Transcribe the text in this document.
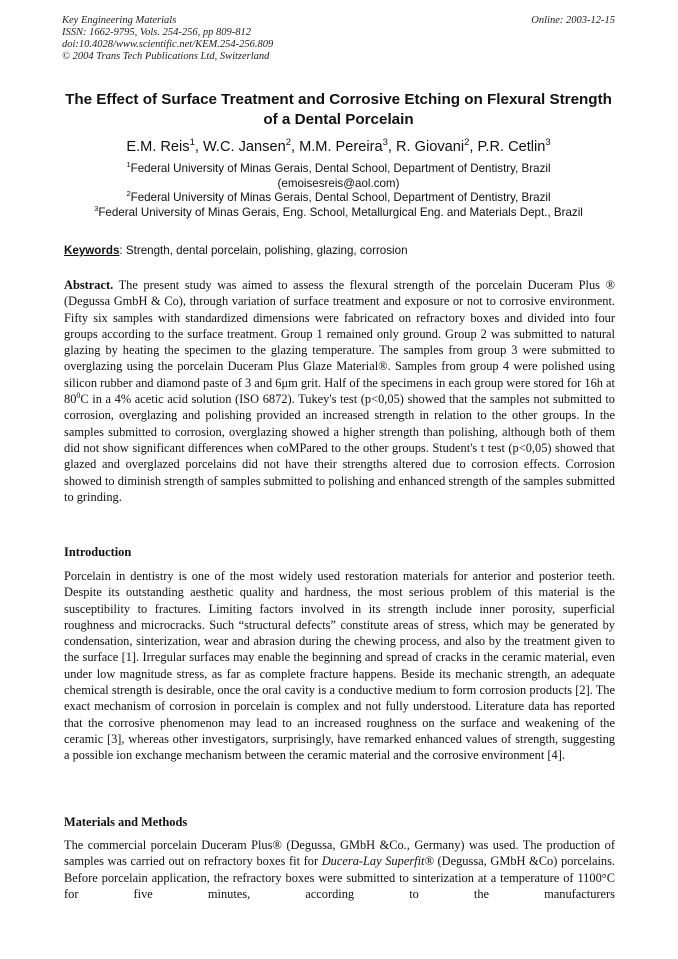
Key Engineering Materials
ISSN: 1662-9795, Vols. 254-256, pp 809-812
doi:10.4028/www.scientific.net/KEM.254-256.809
© 2004 Trans Tech Publications Ltd, Switzerland
Online: 2003-12-15
The Effect of Surface Treatment and Corrosive Etching on Flexural Strength of a Dental Porcelain
E.M. Reis$^1$, W.C. Jansen$^2$, M.M. Pereira$^3$, R. Giovani$^2$, P.R. Cetlin$^3$
$^1$Federal University of Minas Gerais, Dental School, Department of Dentistry, Brazil
(emoisesreis@aol.com)
$^2$Federal University of Minas Gerais, Dental School, Department of Dentistry, Brazil
$^3$Federal University of Minas Gerais, Eng. School, Metallurgical Eng. and Materials Dept., Brazil
Keywords: Strength, dental porcelain, polishing, glazing, corrosion
Abstract. The present study was aimed to assess the flexural strength of the porcelain Duceram Plus ® (Degussa GmbH & Co), through variation of surface treatment and exposure or not to corrosive environment. Fifty six samples with standardized dimensions were fabricated on refractory boxes and divided into four groups according to the surface treatment. Group 1 remained only ground. Group 2 was submitted to natural glazing by heating the specimen to the glazing temperature. The samples from group 3 were submitted to overglazing using the porcelain Duceram Plus Glaze Material®. Samples from group 4 were polished using silicon rubber and diamond paste of 3 and 6μm grit. Half of the specimens in each group were stored for 16h at $80^0C$ in a 4% acetic acid solution (ISO 6872). Tukey's test (p<0,05) showed that the samples not submitted to corrosion, overglazing and polishing provided an increased strength in relation to the other groups. In the samples submitted to corrosion, overglazing showed a higher strength than polishing, although both of them did not show significant differences when coMPared to the other groups. Student's t test (p<0,05) showed that glazed and overglazed porcelains did not have their strengths altered due to corrosion effects. Corrosion showed to diminish strength of samples submitted to polishing and enhanced strength of the samples submitted to grinding.
Introduction
Porcelain in dentistry is one of the most widely used restoration materials for anterior and posterior teeth. Despite its outstanding aesthetic quality and hardness, the most serious problem of this material is the susceptibility to fractures. Limiting factors involved in its strength include inner porosity, superficial roughness and microcracks. Such “structural defects” constitute areas of stress, which may be generated by condensation, sinterization, wear and abrasion during the chewing process, and also by the treatment given to the surface [1]. Irregular surfaces may enable the beginning and spread of cracks in the ceramic material, even under low magnitude stress, as far as complete fracture happens. Beside its mechanic strength, an adequate chemical strength is desirable, once the oral cavity is a conductive medium to form corrosion products [2]. The exact mechanism of corrosion in porcelain is complex and not fully understood. Literature data has reported that the corrosive phenomenon may lead to an increased roughness on the surface and weakening of the ceramic [3], whereas other investigators, surprisingly, have remarked enhanced values of strength, suggesting a possible ion exchange mechanism between the ceramic material and the corrosive environment [4].
Materials and Methods
The commercial porcelain Duceram Plus® (Degussa, GMbH &Co., Germany) was used. The production of samples was carried out on refractory boxes fit for Ducera-Lay Superfit® (Degussa, GMbH &Co) porcelains. Before porcelain application, the refractory boxes were submitted to sinterization at a temperature of 1100°C for five minutes, according to the manufacturers
